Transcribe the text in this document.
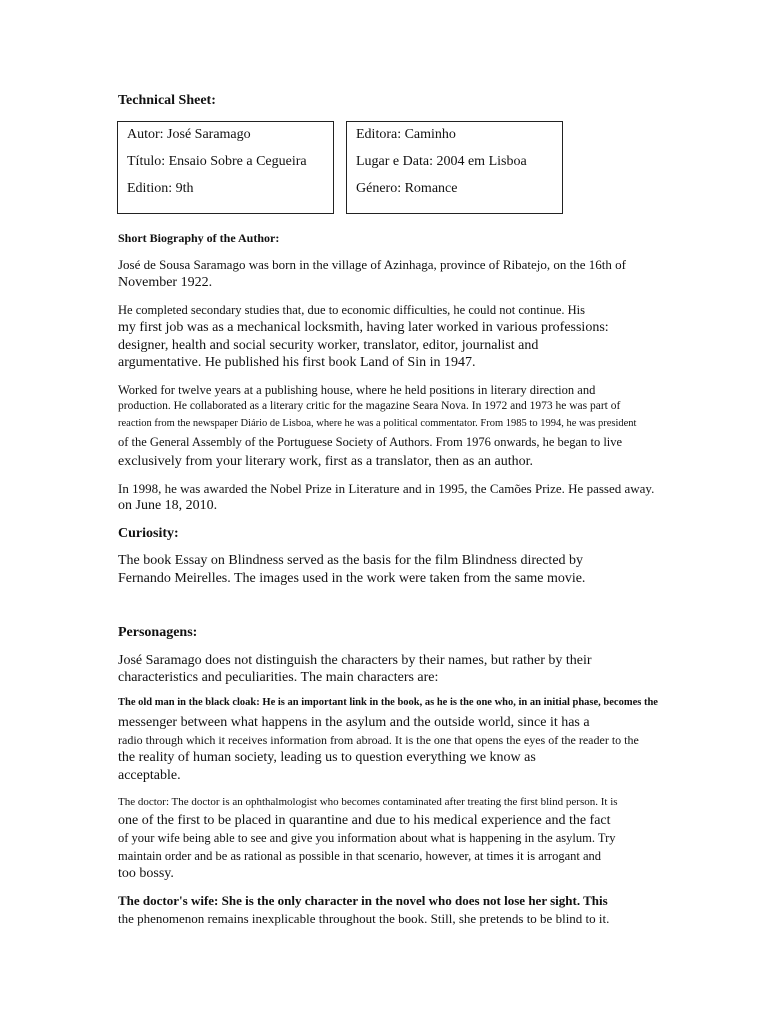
Technical Sheet:
Autor: José Saramago
Título: Ensaio Sobre a Cegueira
Edition: 9th
Editora: Caminho
Lugar e Data: 2004 em Lisboa
Género: Romance
Short Biography of the Author:
José de Sousa Saramago was born in the village of Azinhaga, province of Ribatejo, on the 16th of
November 1922.
He completed secondary studies that, due to economic difficulties, he could not continue. His
my first job was as a mechanical locksmith, having later worked in various professions:
designer, health and social security worker, translator, editor, journalist and
argumentative. He published his first book Land of Sin in 1947.
Worked for twelve years at a publishing house, where he held positions in literary direction and
production. He collaborated as a literary critic for the magazine Seara Nova. In 1972 and 1973 he was part of
reaction from the newspaper Diário de Lisboa, where he was a political commentator. From 1985 to 1994, he was president
of the General Assembly of the Portuguese Society of Authors. From 1976 onwards, he began to live
exclusively from your literary work, first as a translator, then as an author.
In 1998, he was awarded the Nobel Prize in Literature and in 1995, the Camões Prize. He passed away.
on June 18, 2010.
Curiosity:
The book Essay on Blindness served as the basis for the film Blindness directed by
Fernando Meirelles. The images used in the work were taken from the same movie.
Personagens:
José Saramago does not distinguish the characters by their names, but rather by their
characteristics and peculiarities. The main characters are:
The old man in the black cloak: He is an important link in the book, as he is the one who, in an initial phase, becomes the
messenger between what happens in the asylum and the outside world, since it has a
radio through which it receives information from abroad. It is the one that opens the eyes of the reader to the
the reality of human society, leading us to question everything we know as
acceptable.
The doctor: The doctor is an ophthalmologist who becomes contaminated after treating the first blind person. It is
one of the first to be placed in quarantine and due to his medical experience and the fact
of your wife being able to see and give you information about what is happening in the asylum. Try
maintain order and be as rational as possible in that scenario, however, at times it is arrogant and
too bossy.
The doctor's wife: She is the only character in the novel who does not lose her sight. This
the phenomenon remains inexplicable throughout the book. Still, she pretends to be blind to it.
